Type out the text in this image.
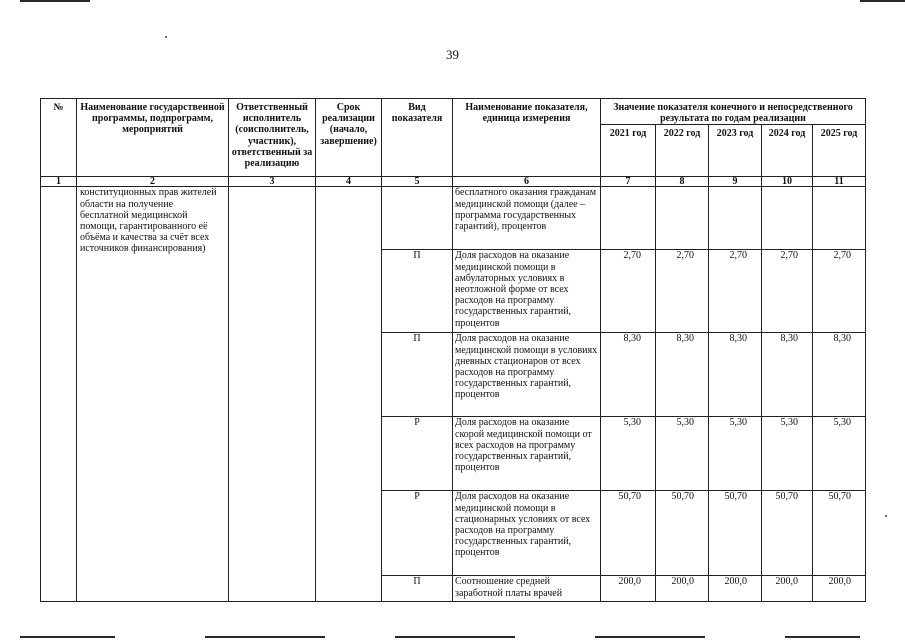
39
№	Наименование государственной программы, подпрограмм, мероприятий	Ответственный исполнитель (соисполнитель, участник), ответственный за реализацию	Срок реализации (начало, завершение)	Вид показателя	Наименование показателя, единица измерения	Значение показателя конечного и непосредственного результата по годам реализации				
						2021 год	2022 год	2023 год	2024 год	2025 год
1	2	3	4	5	6	7	8	9	10	11
	конституционных прав жителей области на получение бесплатной медицинской помощи, гарантированного её объёма и качества за счёт всех источников финансирования)				бесплатного оказания гражданам медицинской помощи (далее – программа государственных гарантий), процентов					
				П	Доля расходов на оказание медицинской помощи в амбулаторных условиях в неотложной форме от всех расходов на программу государственных гарантий, процентов	2,70	2,70	2,70	2,70	2,70
				П	Доля расходов на оказание медицинской помощи в условиях дневных стационаров от всех расходов на программу государственных гарантий, процентов	8,30	8,30	8,30	8,30	8,30
				Р	Доля расходов на оказание скорой медицинской помощи от всех расходов на программу государственных гарантий, процентов	5,30	5,30	5,30	5,30	5,30
				Р	Доля расходов на оказание медицинской помощи в стационарных условиях от всех расходов на программу государственных гарантий, процентов	50,70	50,70	50,70	50,70	50,70
				П	Соотношение средней заработной платы врачей	200,0	200,0	200,0	200,0	200,0
